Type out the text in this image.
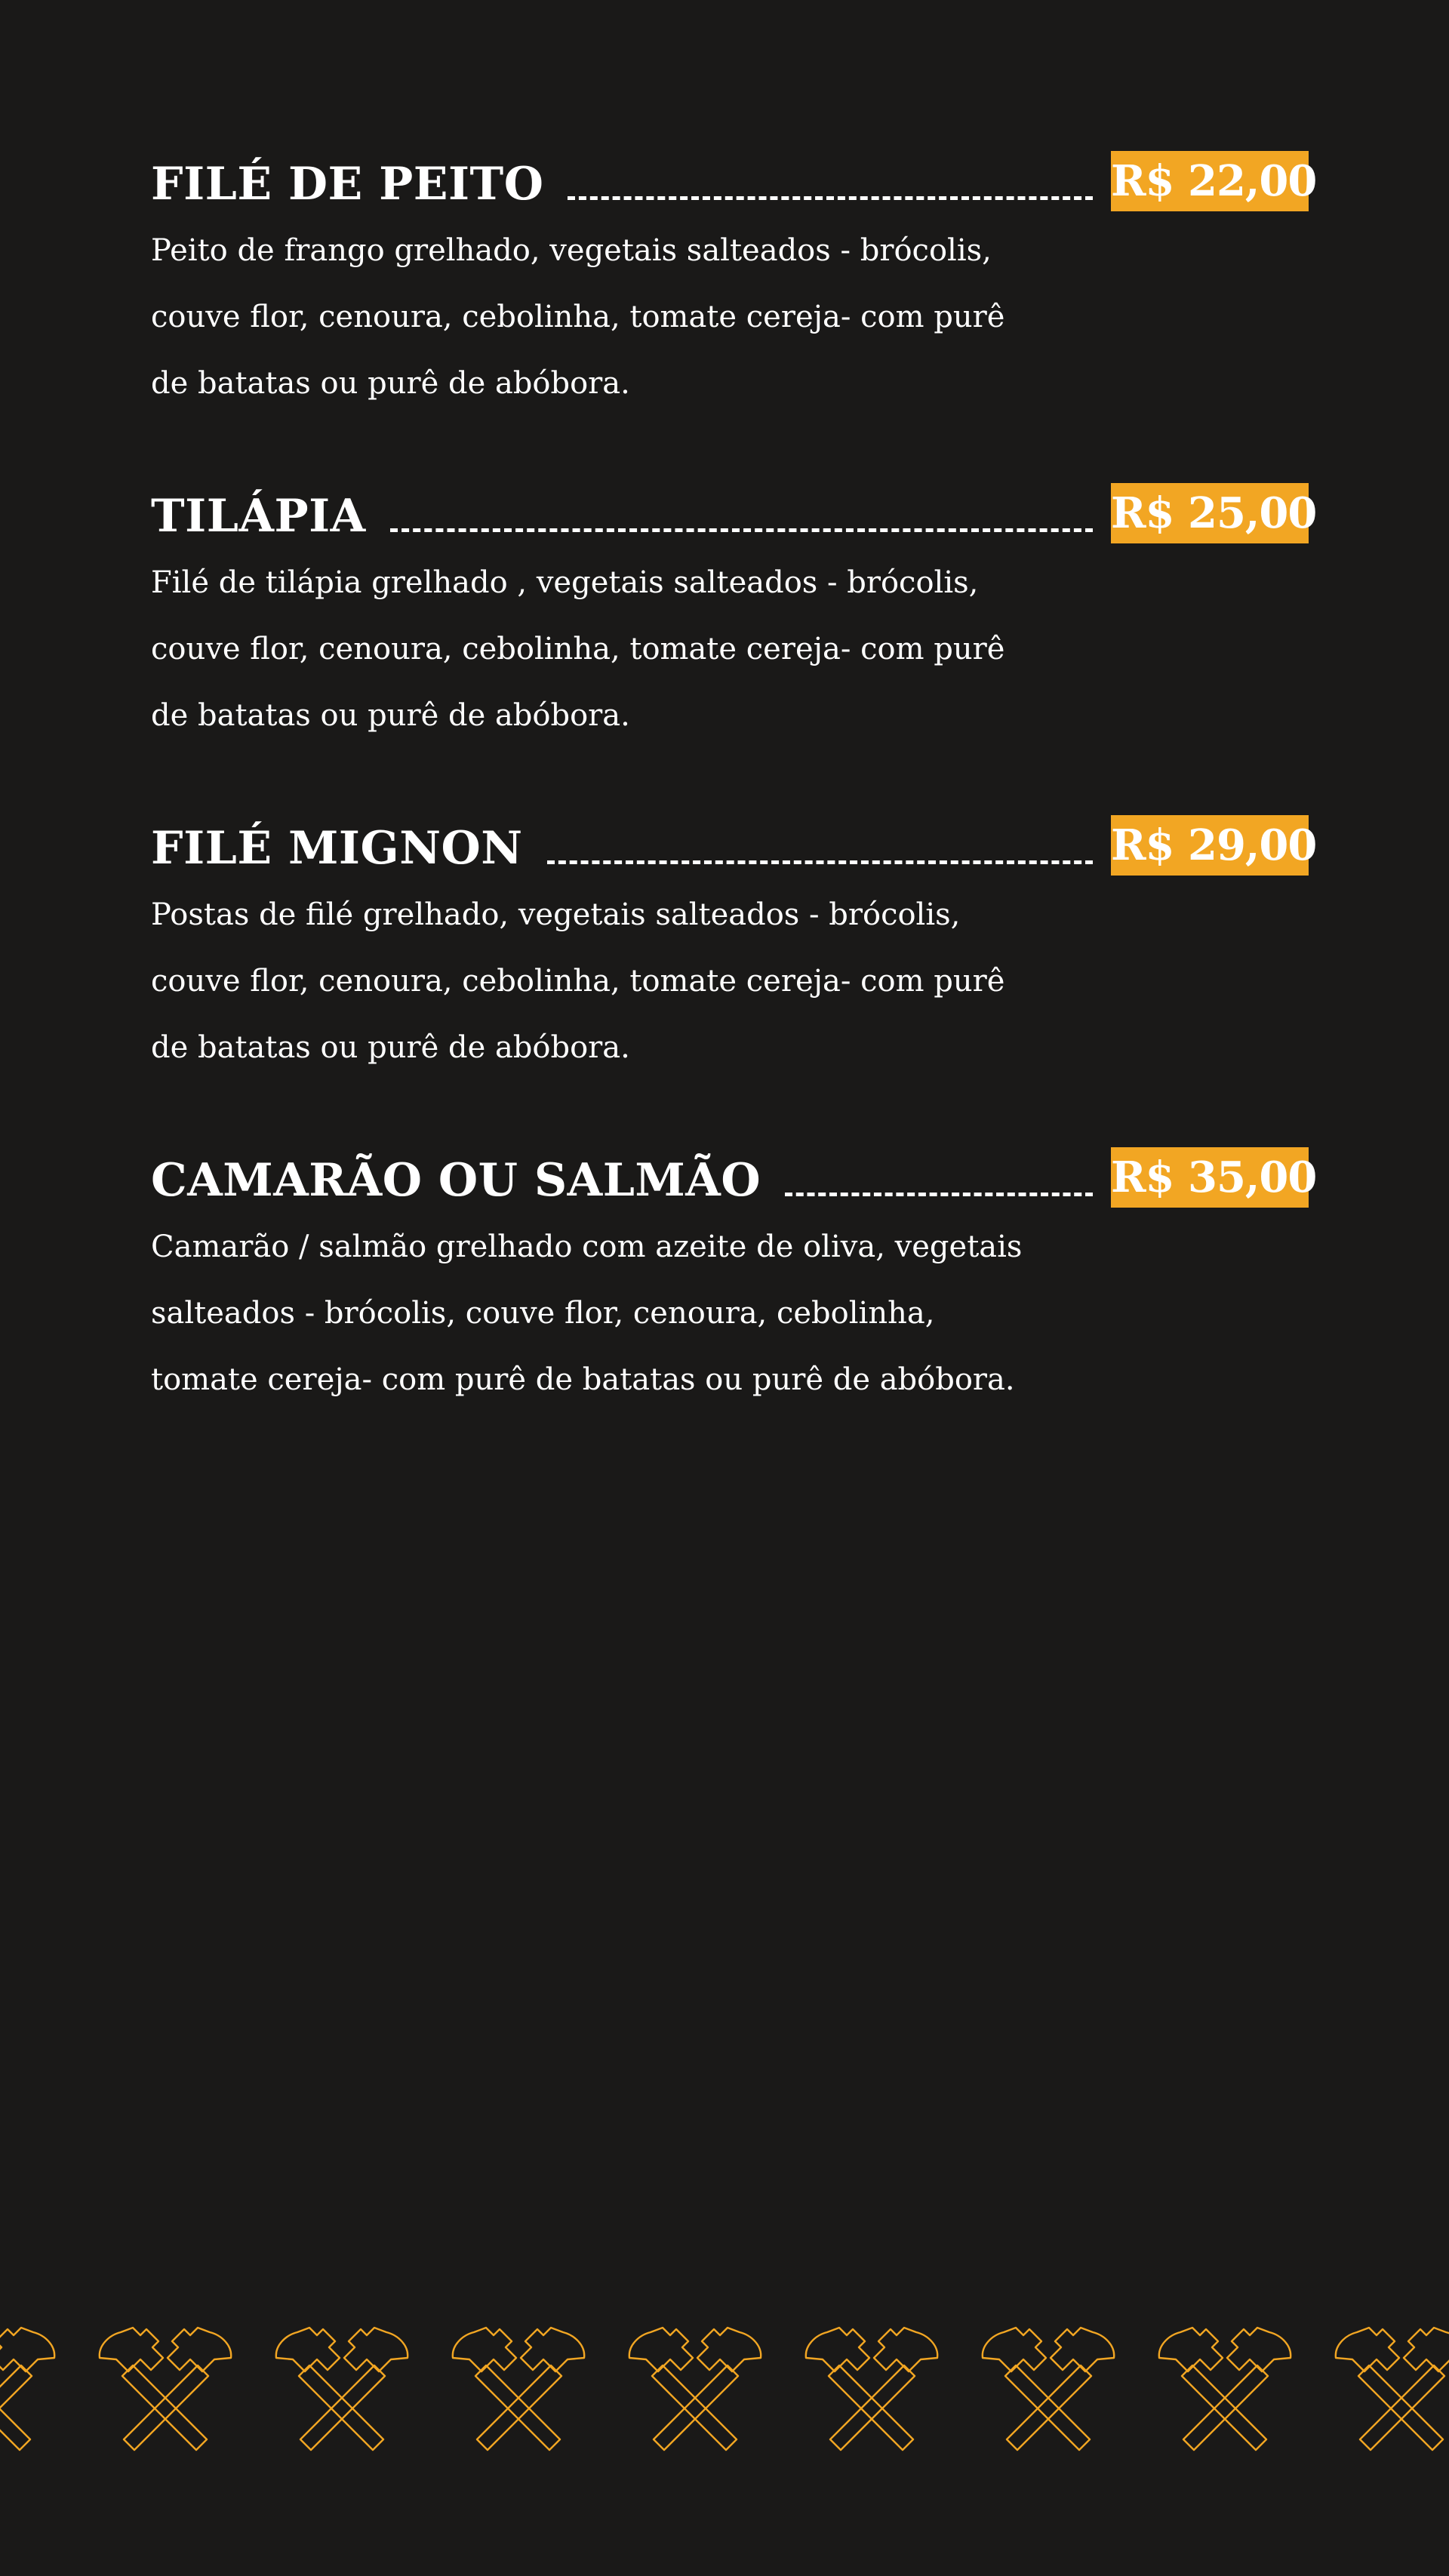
FILÉ DE PEITO	R$ 22,00
Peito de frango grelhado, vegetais salteados - brócolis,
couve flor, cenoura, cebolinha, tomate cereja- com purê
de batatas ou purê de abóbora.
TILÁPIA	R$ 25,00
Filé de tilápia grelhado , vegetais salteados - brócolis,
couve flor, cenoura, cebolinha, tomate cereja- com purê
de batatas ou purê de abóbora.
FILÉ MIGNON	R$ 29,00
Postas de filé grelhado, vegetais salteados - brócolis,
couve flor, cenoura, cebolinha, tomate cereja- com purê
de batatas ou purê de abóbora.
CAMARÃO OU SALMÃO	R$ 35,00
Camarão / salmão grelhado com azeite de oliva, vegetais
salteados - brócolis, couve flor, cenoura, cebolinha,
tomate cereja- com purê de batatas ou purê de abóbora.
